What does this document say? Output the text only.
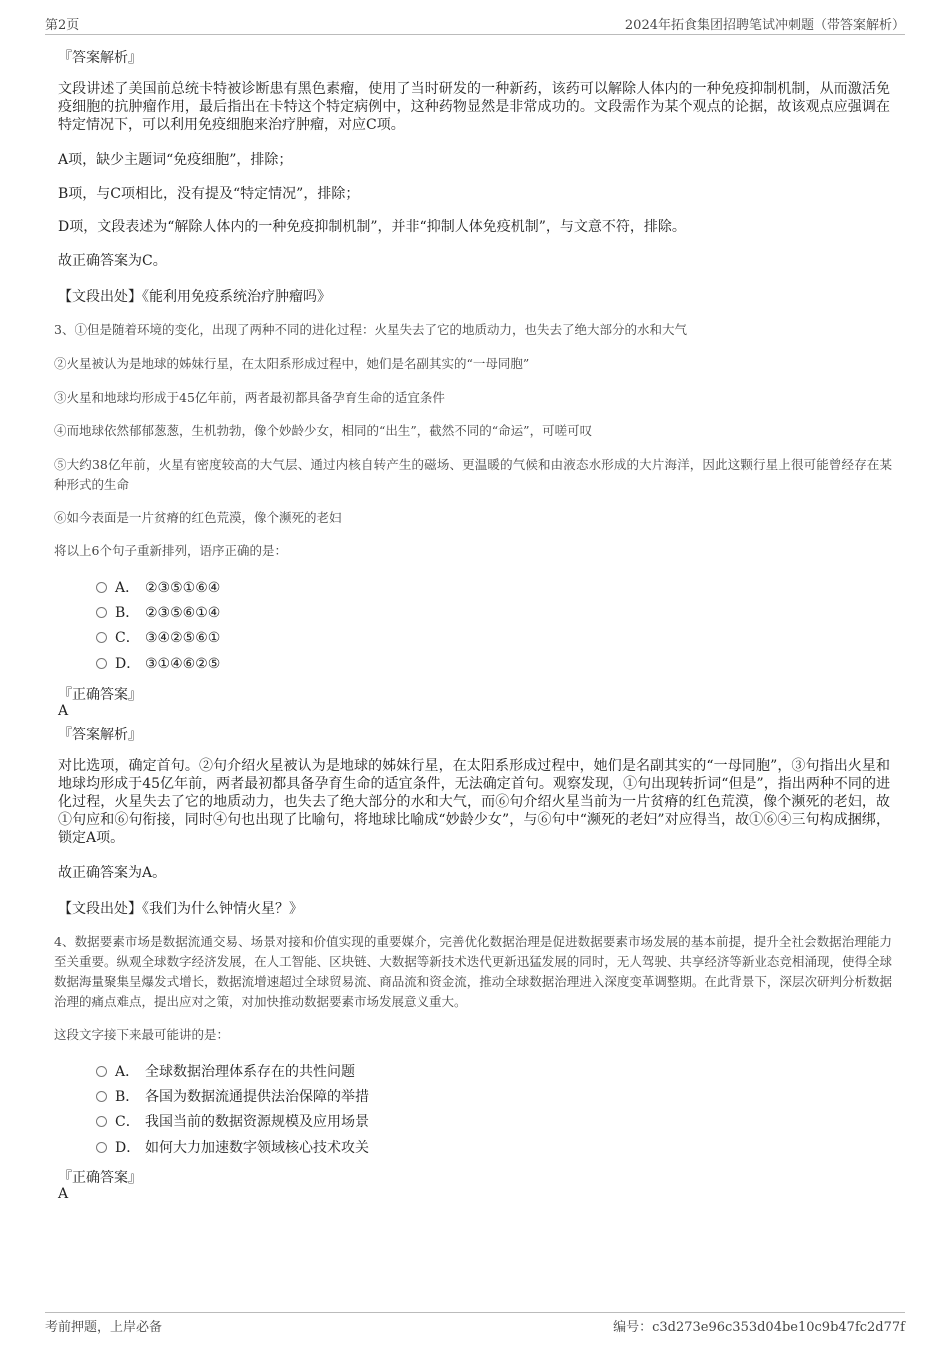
第2页	2024年拓食集团招聘笔试冲刺题（带答案解析）
『答案解析』
文段讲述了美国前总统卡特被诊断患有黑色素瘤，使用了当时研发的一种新药，该药可以解除人体内的一种免疫抑制机制，从而激活免疫细胞的抗肿瘤作用，最后指出在卡特这个特定病例中，这种药物显然是非常成功的。文段需作为某个观点的论据，故该观点应强调在特定情况下，可以利用免疫细胞来治疗肿瘤，对应C项。
A项，缺少主题词“免疫细胞”，排除；
B项，与C项相比，没有提及“特定情况”，排除；
D项，文段表述为“解除人体内的一种免疫抑制机制”，并非“抑制人体免疫机制”，与文意不符，排除。
故正确答案为C。
【文段出处】《能利用免疫系统治疗肿瘤吗》
3、①但是随着环境的变化，出现了两种不同的进化过程：火星失去了它的地质动力，也失去了绝大部分的水和大气
②火星被认为是地球的姊妹行星，在太阳系形成过程中，她们是名副其实的“一母同胞”
③火星和地球均形成于45亿年前，两者最初都具备孕育生命的适宜条件
④而地球依然郁郁葱葱，生机勃勃，像个妙龄少女，相同的“出生”，截然不同的“命运”，可嗟可叹
⑤大约38亿年前，火星有密度较高的大气层、通过内核自转产生的磁场、更温暖的气候和由液态水形成的大片海洋，因此这颗行星上很可能曾经存在某种形式的生命
⑥如今表面是一片贫瘠的红色荒漠，像个濒死的老妇
将以上6个句子重新排列，语序正确的是：
A． ②③⑤①⑥④
B． ②③⑤⑥①④
C． ③④②⑤⑥①
D． ③①④⑥②⑤
『正确答案』
A
『答案解析』
对比选项，确定首句。②句介绍火星被认为是地球的姊妹行星，在太阳系形成过程中，她们是名副其实的“一母同胞”，③句指出火星和地球均形成于45亿年前，两者最初都具备孕育生命的适宜条件，无法确定首句。观察发现，①句出现转折词“但是”，指出两种不同的进化过程，火星失去了它的地质动力，也失去了绝大部分的水和大气，而⑥句介绍火星当前为一片贫瘠的红色荒漠，像个濒死的老妇，故①句应和⑥句衔接，同时④句也出现了比喻句，将地球比喻成“妙龄少女”，与⑥句中“濒死的老妇”对应得当，故①⑥④三句构成捆绑，锁定A项。
故正确答案为A。
【文段出处】《我们为什么钟情火星？》
4、数据要素市场是数据流通交易、场景对接和价值实现的重要媒介，完善优化数据治理是促进数据要素市场发展的基本前提，提升全社会数据治理能力至关重要。纵观全球数字经济发展，在人工智能、区块链、大数据等新技术迭代更新迅猛发展的同时，无人驾驶、共享经济等新业态竞相涌现，使得全球数据海量聚集呈爆发式增长，数据流增速超过全球贸易流、商品流和资金流，推动全球数据治理进入深度变革调整期。在此背景下，深层次研判分析数据治理的痛点难点，提出应对之策，对加快推动数据要素市场发展意义重大。
这段文字接下来最可能讲的是：
A． 全球数据治理体系存在的共性问题
B． 各国为数据流通提供法治保障的举措
C． 我国当前的数据资源规模及应用场景
D． 如何大力加速数字领域核心技术攻关
『正确答案』
A
考前押题，上岸必备	编号：c3d273e96c353d04be10c9b47fc2d77f
